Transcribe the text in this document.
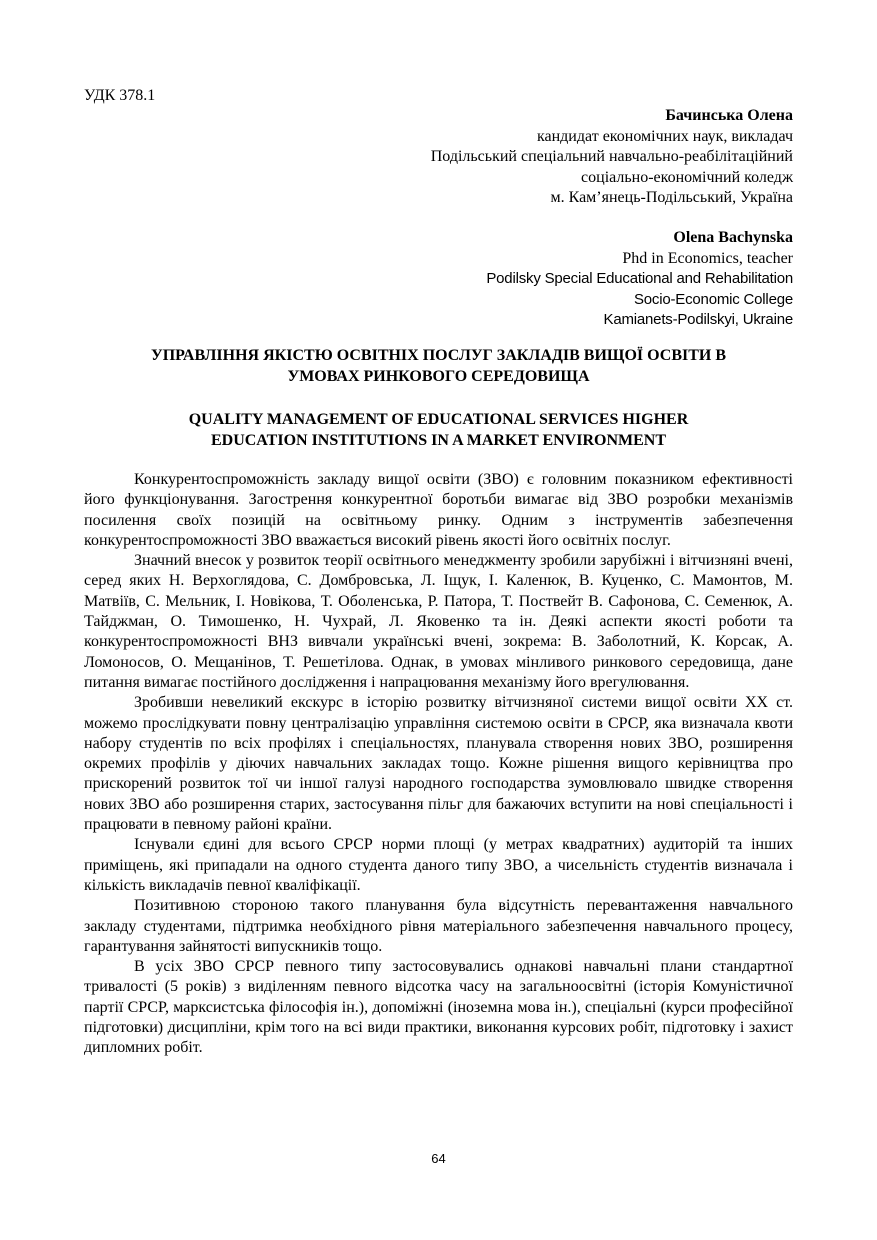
УДК 378.1
Бачинська Олена
кандидат економічних наук, викладач
Подільський спеціальний навчально-реабілітаційний
соціально-економічний коледж
м. Кам’янець-Подільський, Україна
Olena Bachynska
Phd in Economics, teacher
Podilsky Special Educational and Rehabilitation
Socio-Economic College
Kamianets-Podilskyi, Ukraine
УПРАВЛІННЯ ЯКІСТЮ ОСВІТНІХ ПОСЛУГ ЗАКЛАДІВ ВИЩОЇ ОСВІТИ В
УМОВАХ РИНКОВОГО СЕРЕДОВИЩА
QUALITY MANAGEMENT OF EDUCATIONAL SERVICES HIGHER
EDUCATION INSTITUTIONS IN A MARKET ENVIRONMENT

Конкурентоспроможність закладу вищої освіти (ЗВО) є головним показником ефективності його функціонування. Загострення конкурентної боротьби вимагає від ЗВО розробки механізмів посилення своїх позицій на освітньому ринку. Одним з інструментів забезпечення конкурентоспроможності ЗВО вважається високий рівень якості його освітніх послуг.

Значний внесок у розвиток теорії освітнього менеджменту зробили зарубіжні і вітчизняні вчені, серед яких Н. Верхоглядова, С. Домбровська, Л. Іщук, І. Каленюк, В. Куценко, С. Мамонтов, М. Матвіїв, С. Мельник, І. Новікова, Т. Оболенська, Р. Патора, Т. Поствейт В. Сафонова, С. Семенюк, А. Тайджман, О. Тимошенко, Н. Чухрай, Л. Яковенко та ін. Деякі аспекти якості роботи та конкурентоспроможності ВНЗ вивчали українські вчені, зокрема: В. Заболотний, К. Корсак, А. Ломоносов, О. Мещанінов, Т. Решетілова. Однак, в умовах мінливого ринкового середовища, дане питання вимагає постійного дослідження і напрацювання механізму його врегулювання.

Зробивши невеликий екскурс в історію розвитку вітчизняної системи вищої освіти ХХ ст. можемо прослідкувати повну централізацію управління системою освіти в СРСР, яка визначала квоти набору студентів по всіх профілях і спеціальностях, планувала створення нових ЗВО, розширення окремих профілів у діючих навчальних закладах тощо. Кожне рішення вищого керівництва про прискорений розвиток тої чи іншої галузі народного господарства зумовлювало швидке створення нових ЗВО або розширення старих, застосування пільг для бажаючих вступити на нові спеціальності і працювати в певному районі країни.

Існували єдині для всього СРСР норми площі (у метрах квадратних) аудиторій та інших приміщень, які припадали на одного студента даного типу ЗВО, а чисельність студентів визначала і кількість викладачів певної кваліфікації.

Позитивною стороною такого планування була відсутність перевантаження навчального закладу студентами, підтримка необхідного рівня матеріального забезпечення навчального процесу, гарантування зайнятості випускників тощо.

В усіх ЗВО СРСР певного типу застосовувались однакові навчальні плани стандартної тривалості (5 років) з виділенням певного відсотка часу на загальноосвітні (історія Комуністичної партії СРСР, марксистська філософія ін.), допоміжні (іноземна мова ін.), спеціальні (курси професійної підготовки) дисципліни, крім того на всі види практики, виконання курсових робіт, підготовку і захист дипломних робіт.

64
